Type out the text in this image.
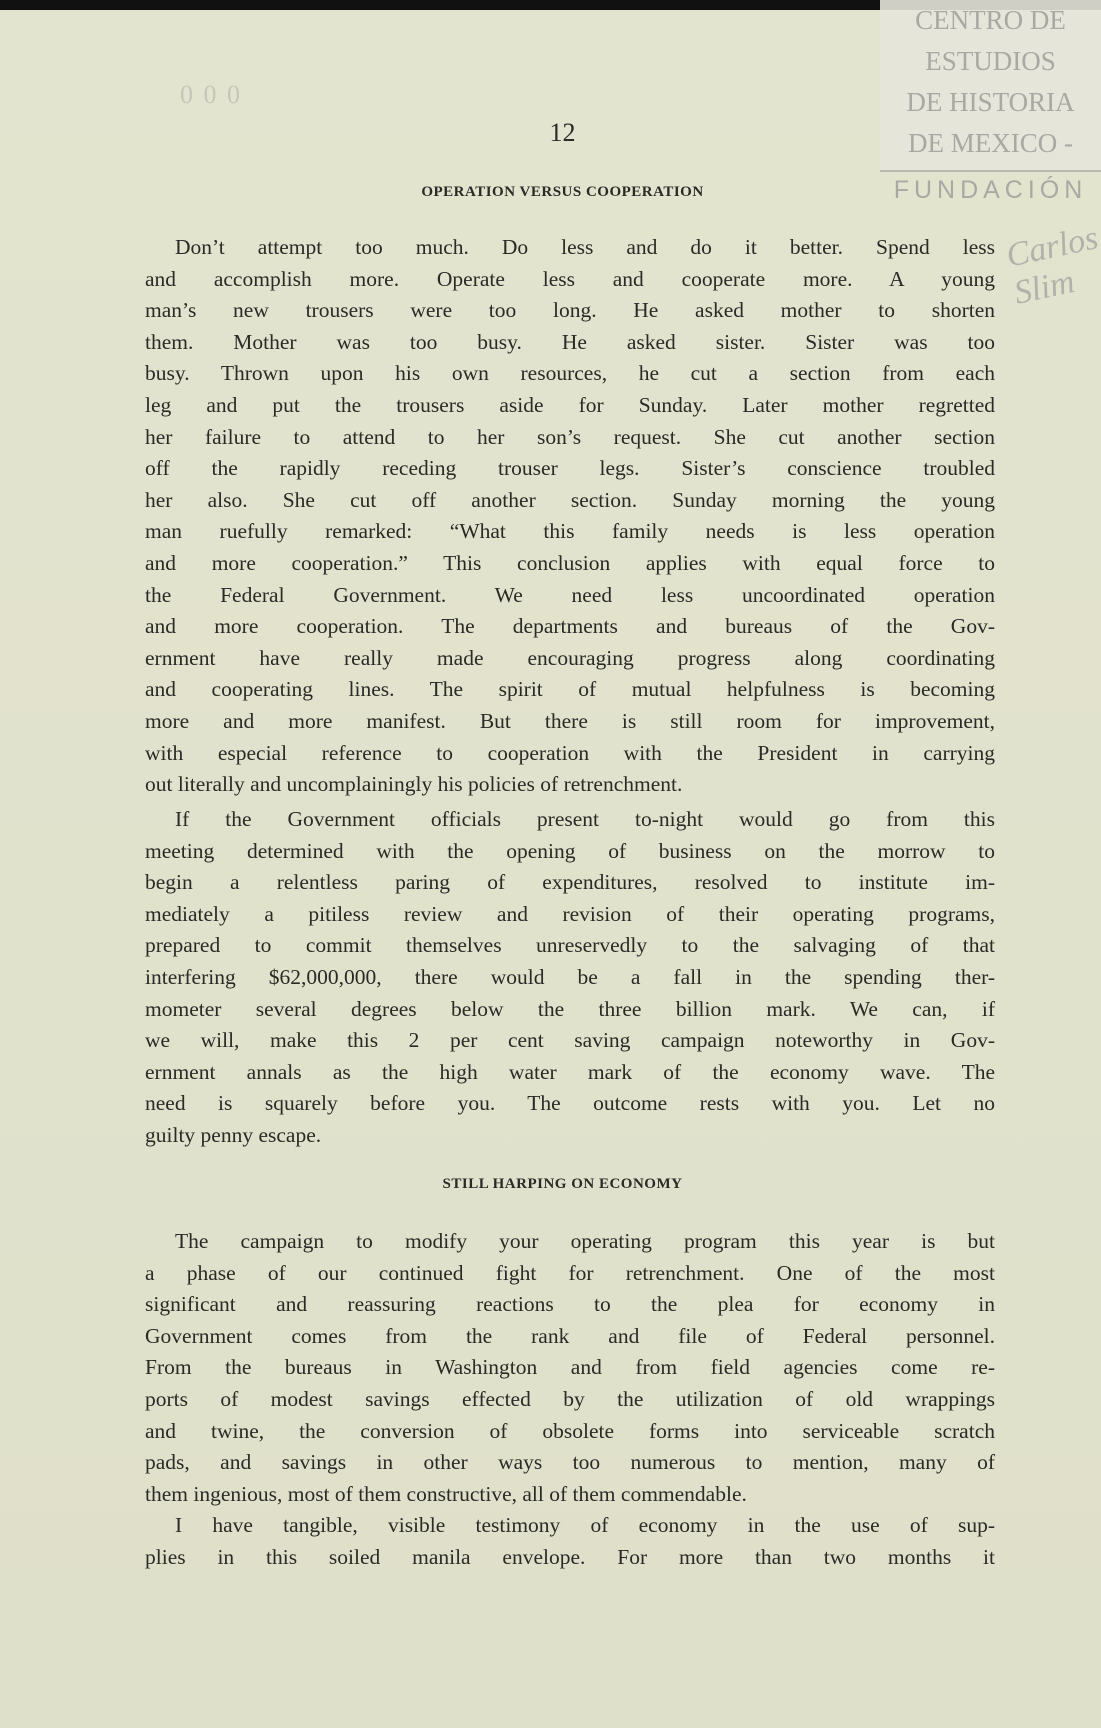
CENTRO DE
ESTUDIOS
DE HISTORIA
DE MEXICO -
FUNDACIÓN
Carlos Slim
0 0 0
12
OPERATION VERSUS COOPERATION
Don’t attempt too much. Do less and do it better. Spend less
and accomplish more. Operate less and cooperate more. A young
man’s new trousers were too long. He asked mother to shorten
them. Mother was too busy. He asked sister. Sister was too
busy. Thrown upon his own resources, he cut a section from each
leg and put the trousers aside for Sunday. Later mother regretted
her failure to attend to her son’s request. She cut another section
off the rapidly receding trouser legs. Sister’s conscience troubled
her also. She cut off another section. Sunday morning the young
man ruefully remarked: “What this family needs is less operation
and more cooperation.” This conclusion applies with equal force to
the Federal Government. We need less uncoordinated operation
and more cooperation. The departments and bureaus of the Gov-
ernment have really made encouraging progress along coordinating
and cooperating lines. The spirit of mutual helpfulness is becoming
more and more manifest. But there is still room for improvement,
with especial reference to cooperation with the President in carrying
out literally and uncomplainingly his policies of retrenchment.
If the Government officials present to-night would go from this
meeting determined with the opening of business on the morrow to
begin a relentless paring of expenditures, resolved to institute im-
mediately a pitiless review and revision of their operating programs,
prepared to commit themselves unreservedly to the salvaging of that
interfering $62,000,000, there would be a fall in the spending ther-
mometer several degrees below the three billion mark. We can, if
we will, make this 2 per cent saving campaign noteworthy in Gov-
ernment annals as the high water mark of the economy wave. The
need is squarely before you. The outcome rests with you. Let no
guilty penny escape.
STILL HARPING ON ECONOMY
The campaign to modify your operating program this year is but
a phase of our continued fight for retrenchment. One of the most
significant and reassuring reactions to the plea for economy in
Government comes from the rank and file of Federal personnel.
From the bureaus in Washington and from field agencies come re-
ports of modest savings effected by the utilization of old wrappings
and twine, the conversion of obsolete forms into serviceable scratch
pads, and savings in other ways too numerous to mention, many of
them ingenious, most of them constructive, all of them commendable.
I have tangible, visible testimony of economy in the use of sup-
plies in this soiled manila envelope. For more than two months it
